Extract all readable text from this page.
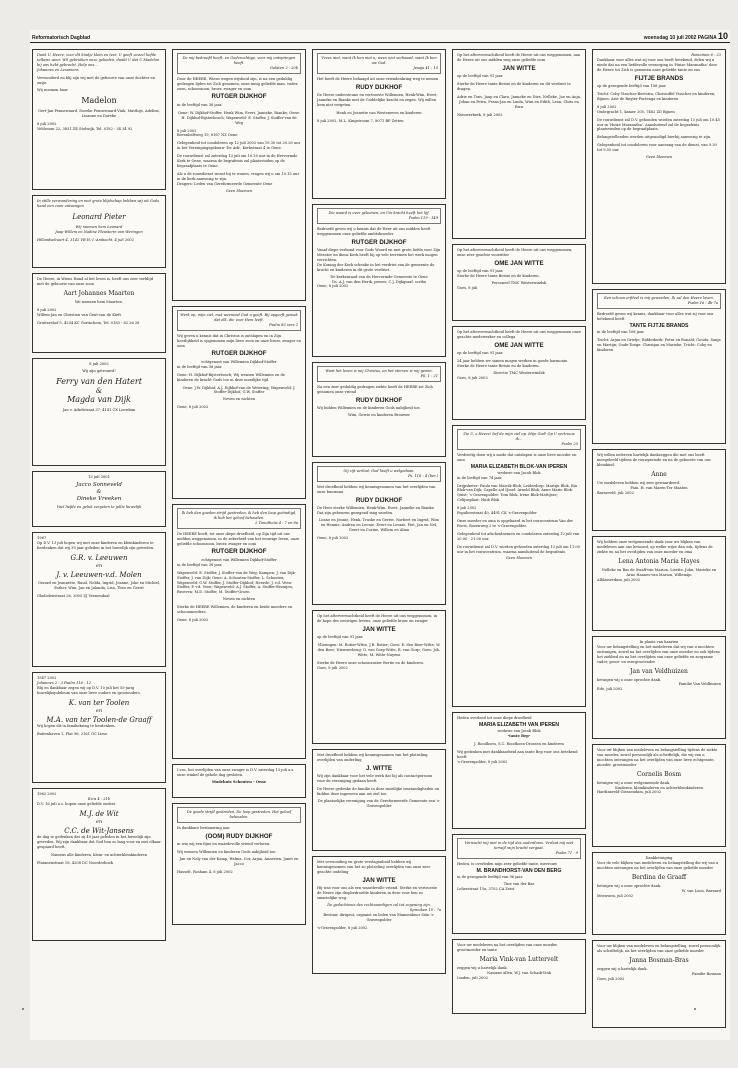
Reformatorisch Dagblad	woensdag 10 juli 2002 PAGINA 10
Dank U, Heere, voor dit kindje klein en teer. U geeft zoveel liefde telkens weer. Wil gebruiken onze gebeden, dankt U dat U Madelon bij ons hebt gebracht. Help ons...
Johannes en Lesamens
Verwonderd en blij zijn wij met de geboorte van onze dochter en zusje.
Wij noemen haar
Madelon
Gert-Jan Pennewaard, Doreke Pennewaard-Vink, Matthijs, Adeline, Lisanne en Doreke
8 juli 2002
Veldzoom 22, 3831 ZE Stolwijk, Tel. 0182 - 34 34 92
In stille verwondering en met grote blijdschap hebben wij uit Gods hand een zoon ontvangen
Leonard Pieter
Wij noemen hem Leonard
Jaap Willem en Nadine Pleasterin van Weringen
Hillandsebuurt 4, 3142 VB H.-I.-Ambacht, 4 juli 2002
De Heere, in Wiens Hand al het leven is, heeft ons zeer verblijd met de geboorte van onze zoon
Aart Johannes Maarten
We noemen hem Maarten.
8 juli 2002
Willem-Jan en Christien van Gent-van de Kieft
Gruttershof 5, 4254 KC Gorinchem, Tel. 0183 - 62 26 28
8 juli 2002
Wij zijn getrouwd!
Ferry van den Hatert
&
Magda van Dijk
Jan v. Arkelstraat 37, 4141 CX Leerdam
13 juli 2001
Jacco Sonneveld
&
Dineke Vreeken
Voel liefde en geluk vergeten te jullie huwelijk
1967
Op D.V. 13 juli hopen wij met onze kinderen en kleinkinderen te herdenken dat wij 35 jaar geleden in het huwelijk zijn getreden.
G.R. v. Leeuwen
en
J. v. Leeuwen-v.d. Molen
Gerard en Jeannette, Ruud, Nelda, Ingrid, Jeanne, Joke en Michiel, Esther, Wim, Jan en Jolanda, Lisa, Theo en Gerrit
Gladiolenstraat 26, 3905 ZJ Veenendaal
1947 2002
Johannes 2 : 3 Psalm 116 : 12
Blij en dankbaar zegen wij op D.V. 10 juli het 55-jarig huwelijksjubileum van onze lieve ouders en grootouders.
K. van ter Toolen
en
M.A. van ter Toolen-de Graaff
Wij hopen dit in familiekring te herdenken.
Buitenhaven 1, Flat 96, 2161 GC Lisse
1962 2002
Ezra 4 : 21b
D.V. 16 juli a.s. hopen onze geliefde ouders
M.J. de Wit
en
C.C. de Wit-Jansens
de dag te gedenken dat zij 40 jaar geleden in het huwelijk zijn getreden. Wij zijn dankbaar dat God hen zo lang voor en met elkaar gespaard heeft.
Namens alle kinderen, klein- en achterkleinkinderen
Platanenstraat 18, 4208 DC Noorderhoek
De mij bedroefd heeft, en Godvruchtige, voor mij ontspringen heeft.
Galaten 2 : 20b
Door de HEERE, Wiens wegen wijsheid zijn, is na een geduldig gedragen lijden tot Zich genomen, onze innig geliefde man, vader, zoon, schoonzoon, broer, zwager en oom
RUTGER DIJKHOF
in de leeftijd van 38 jaar.
Oene: W. Dijkhof-Stoffer, Henk Wim, Evert, Janneke, Rianke; Oene: H. Dijkhof-Bijsterbosch; Wapenveld: E. Stoffer, J. Stoffer-van de Weg
8 juli 2002
Bovenbeltweg 19, 8167 NZ Oene
Gelegenheid tot condoleren op 12 juli 2002 van 19.30 tot 20.30 uur in het Verenigingsgebouw 'De Ark', Kerkstraat 4 te Oene.
De rouwdienst zal zaterdag 13 juli om 10.30 uur in de Hervormde Kerk te Oene, waarna de begrafenis zal plaatsvinden op de begraafplaats te Oene.
Als u de rouwdienst wenst bij te wonen, vragen wij u om 10.15 uur in de kerk aanwezig te zijn.
Dragers: Leden van Gereformeerde Gemeente Oene
Geen bloemen
Werk op, mijn ziel, met weenend God u geeft. Bij opgeeft gemak dat elk, die voor Hem leeft.
Psalm 83 vers 2
Wij geven u kennis dat in Christus is ontslapen en in Zijn heerlijkheid is opgenomen mijn lieve zoon en onze broer, zwager en oom
RUTGER DIJKHOF
echtgenoot van Willemien Dijkhof-Stoffer
in de leeftijd van 38 jaar.
Oene: H. Dijkhof-Bijsterbosch; Wij wensen Willemien en de kinderen de kracht Gods toe in deze moeilijke tijd.
Oene: J.W. Dijkhof, A.J. Dijkhof-van de Wetering; Wapenveld: J. Stoffer-Dijkhof, G.W. Stoffer
Neven en nichten
Oene, 8 juli 2002
Ik heb den goeden strijd gestreden, ik heb den loop geëindigd, ik heb het geloof behouden.
2 Timotheüs 4 : 7 en 8a
De HEERE heeft, tot onze diepe droefheid, op Zijn tijd uit ons midden weggenomen, in de zekerheid van het eeuwige leven, onze geliefde schoonzoon, broer, zwager en oom
RUTGER DIJKHOF
echtgenoot van Willemien Dijkhof-Stoffer
in de leeftijd van 38 jaar.
Wapenveld: E. Stoffer, J. Stoffer-van de Weg; Kampen: J. van Dijk-Stoffer, J. van Dijk; Oene: A. Schouten-Stoffer, L. Schouten; Wapenveld: G.W. Stoffer, J. Stoffer-Dijkhof; Heerde: J. v.d. Veen-Stoffer, P. v.d. Veen; Wapenveld: A.J. Stoffer, A. Stoffer-Bezuijen; Broeven: M.D. Stoffer, M. Stoffer-Groen
Neven en nichten
Sterke de HEERE Willemien, de kinderen en beide moeders en schoonmoeders.
Oene, 8 juli 2002
I.v.m. het overlijden van onze zwager is D.V. zaterdag 13 juli a.s. onze winkel de gehele dag gesloten.
Modehuis Schouten - Oene
De goede strijd gestreden, De loop gestreden, Het geloof behouden.
In dankbare herinnering aan
(OOM) RUDY DIJKHOF
in wie wij een fijne en waardevolle vriend verloren.
Wij wensen Willemien en kinderen Gods nabijheid toe.
Jan en Nely van der Kamp, Helma, Cor, Arjan, Annerien, Janet en Jacco
Hasselt, Rosham 4, 8 juli 2002
Vrees niet, want Ik ben met u; wees niet verbaasd, want Ik ben uw God.
Jesaja 41 : 10
Het heeft de Heere behaagd uit onze vriendenkring weg te nemen
RUDY DIJKHOF
De Heere ondersteune en vertroeste Willemien, Henk-Wim, Evert, Janneke en Rianke met de Goddelijke kracht en zegen. Wij zullen hem niet vergeten.
Henk en Jeanette van Westeneven en kinderen
8 juli 2002, M.L. Kingstroom 7, 8071 BP Zetten
Die waard is over gekomen, en Uw kracht heeft het lijf.
Psalm 119 : 149
Bedroefd geven wij u kennis dat de Heer uit ons midden heeft weggenomen onze geliefde ambtsbroeder
RUTGER DIJKHOF
Vanaf diepe verbond voor Gods Woord en met grote liefde voor Zijn Meester en diens Kerk heeft hij op vele terreinen het werk mogen verrichten.
De Koning der Kerk schenke in het verdriet van de gemeente de kracht en kinderen in dit grote verdriet.
De kerkenraad van de Hervormde Gemeente te Oene
Ds. A.J. van den Herik, preses; C.J. Dijkgraaf, scriba
Oene, 8 juli 2002
Want het leven is mij Christus, en het sterven is mij gewin.
Fil. 1 : 21
Na een zeer geduldig gedragen ziekte heeft de HEERE tot Zich genomen onze vriend
RUDY DIJKHOF
Wij bidden Willemien en de kinderen Gods nabijheid toe.
Wim, Gerrie en kinderen Brouwer
Gij zijt verlost, God heeft u welgedaan.
Ps. 116 : 4 (ber.)
Met droefheid hebben wij kennisgenomen van het overlijden van onze buurman
RUDY DIJKHOF
De Heer sterke Willemien, Henk-Wim, Evert, Janneke en Rianke.
Dat zijn gebeuren gezegend mag worden.
Leane en Jennie, Henk, Truske en Gerrie, Norbert en Ingrid, Wim en Hennie, Andrea en Leonie, Evert en Leonie, Piet, Jan en Nel, Geert en Corine, Willem en Alma
Oene, 8 juli 2002
Op het afterverwachtheid heeft de Heere uit ons weggenomen, in de hope des eeuwigen levens, onze geliefde broer en zwager
JAN WITTE
op de leeftijd van 91 jaar.
Vlissingen: M. Rotier-Witte, J.R. Rotier; Goes: E. den Boer-Witte, W. den Boer; Nieuwerbrug: G. van Gorp-Witte, R. van Gorp; Goes: Joh. Witte, M. Witte-Nuyens
Sterke de Heere onze schoonzuster Bertie en de kinderen.
Goes, 8 juli 2002
Met droefheid hebben wij kennisgenomen van het plotseling overlijden van onderling
J. WITTE
Wij zijn dankbaar voor het vele werk dat hij als contactpersoon voor de vereniging gedaan heeft.
De Heere gedenke de familie in deze moeilijke omstandigheden en bidden deze ingeween aan uw ziel toe.
De plaatselijke vereniging van de Gereformeerde Gemeente van 's-Gravenpolder
Met verwonding en grote verslagenheid hebben wij kennisgenomen van het zo plotseling overlijden van onze zeer geachte oudeling
JAN WITTE
Hij was voor ons als een waardevolle vriend. Sterke en vertroeste de Heere zijn diepbedroefde kinderen in deze voor hen zo smartelijke weg.
De gedachtenis des rechtvaardigen zal tot zegening zijn.
Spreuken 10 : 7a
Bestuur, dirigent, organist en leden van Mannenkoor Sión 's-Gravenpolder
's-Gravenpolder, 8 juli 2002
Op het afterverwachtheid heeft de Heere uit ons weggenomen, aan de Heere uit ons midden weg onze geliefde oom
JAN WITTE
op de leeftijd van 91 jaar.
Sterke de Heere tante Betsie en de kinderen en dit verdriet te dragen.
Adrie en Tons, Jaap en Clara, Janneke en Dies, Nelleke, Joe en Anja, Johan en Petra, Frans-Jan en Linda, Wim en Edith, Leon, Chris en Esra
Nieuwerkerk, 8 juli 2002
Op het afterverwachtheid heeft de Heere uit ons weggenomen, onze zeer geachte voorzitter
OME JAN WITTE
op de leeftijd van 91 jaar.
Sterke de Heere tante Betsie en de kinderen.
Personeel TMC Westerwindsk
Goes, 8 juli
Op het afterverwachtheid heeft de Heere uit ons weggenomen onze geachte medewerker en collega
OME JAN WITTE
op de leeftijd van 91 jaar.
24 jaar hebben we samen mogen werken in goede harmonie.
Sterke de Heere tante Betsie en de kinderen.
Directie TMC Westerwindsk
Goes, 8 juli 2002
Zie U, o Heere! bef de mijn ziel op. Mijn God! Op U vertrouw ik...
Psalm 25
Verdrietig doen wij u mede dat ontslapen is onze lieve moeder en oma
MARIA ELIZABETH BLOK-VAN IPEREN
weduwe van Jacob Blok
in de leeftijd van 74 jaar.
Drijpsketer: Paula van Marcik-Blok; Leiderdorp: Martijn Blok, Ria Blok-van Dijk; Capelle a/d IJssel: Arnold Blok, Anne Marie Blok-Quist; 's-Gravenpolder: Tom Blok, Irene Blok-Mattijsse; Colijnsplaat: Huib Blok
8 juli 2002
Populierstraat 49, 4491 CK 's-Gravenpolder
Onze moeder en oma is opgebaard in het rouwcentrum Van der Poest, Rozenweg 2 te 's-Gravenpolder.
Gelegenheid tot afscheidnemen en condoleren zaterdag 12 juli van 20.00 - 21.00 uur.
De rouwdienst zal D.V. worden gehouden zaterdag 13 juli om 11.00 uur in het rouwcentrum, waarna aansluitend de begrafenis.
Geen bloemen
Heden overleed tot onze diepe droefheid
MARIA ELIZABETH VAN IPEREN
weduwe van Jacob Blok
-tante Bep-
J. Roodhoen, S.C. Roodhoen-Drossen en kinderen
Wij gedenken met dankbaarheid aan tante Bep voor ons betekend heeft.
's-Gravenpolder, 8 juli 2002
Verwacht mij niet in de tijd des ouderdoms. Verlaat mij niet terwijl mijn kracht vergaat.
Psalm 71 : 9
Heden, is overleden mijn zeer geliefde tante, mevrouw
M. BRANDHORST-VAN DEN BERG
in de gezegende leeftijd van 96 jaar.
Tine van der Bar
Lelierstraat 15a, 3702 CA Zeist
Voor uw medeleven na het overlijden van onze moeder, grootmoeder en tante
Maria Vink-van Luttervelt
zeggen wij u hartelijk dank.
Namens allen, W.J. van Schaik-Vink
Linden, juli 2002
Romeinen 6 : 23
Dankbaar voor alles wat zij voor ons heeft betekend, delen wij u mede dat na een liefdevolle verzorging in 'Huize Maranatha' door de Heere tot Zich is genomen onze geliefde tante en zus
FIJTJE BRANDS
op de gezegende leeftijd van 108 jaar.
Tricht: Coby Visscher-Beetstra, Christoffel Visscher en kinderen; Bijnen: Arie de Ruyter-Portenga en kinderen
8 juli 2002
Oudegracht 1, kamer 205, 7482 ZD Bijnen
De rouwdienst zal D.V. gehouden worden zaterdag 13 juli om 10.45 uur in 'Huize Maranatha'. Aansluitend zal de begrafenis plaatsvinden op de begraafplaats.
Belangstellenden worden uitgenodigd hierbij aanwezig te zijn.
Gelegenheid tot condoleren voor aanvang van de dienst, van 9.30 tot 9.55 uur.
Geen bloemen
Een schoon erfdeel is mij geworden, Ik zal den Heere loven.
Psalm 16 : 4b-7a
Bedroefd geven wij kennis, dankbaar voor alles wat zij voor ons betekend heeft
TANTE FIJTJE BRANDS
in de leeftijd van 108 jaar.
Tricht: Arjan en Grietje; Ridderkerk: Petra en Ronald; Gouda: Sanja en Martijn; Oude-Tonge: Christjan en Marieke; Tricht: Coby en kinderen
Wij willen iedereen hartelijk dankzeggen die met ons heeft meegeleefd tijdens de rouwperiode en na de geboorte van ons kleinkind.
Anne
Uw medeleven hebben wij zeer gewaardeerd.
Fam. H. van Maren-Ter Maaten
Barneveld, juli 2002
Wij hebben onze welgemeende dank voor uw blijken van medeleven aan ons betoond, op welke wijze dan ook, tijdens de ziekte en na het overlijden van onze moeder en oma
Lena Antonia Maria Hayes
Nelleke en Bas de Swaff-van Marion, Lisette, John, Marieke en Arno Haanes-van Marion, Willemijn
Alblasserdam, juli 2002
In plaats van kaarten
Voor uw belangstelling en het medeleven dat wij van u mochten ontvangen, zowel na het overlijden van onze moeder en ook tijdens het ziekbed en na het overlijden van onze geliefde en zorgzame vader, groot- en overgrootvader
Jan van Veldhuizen
betuigen wij u onze oprechte dank.
Familie Van Veldhuizen
Ede, juli 2002
Voor uw blijken van medeleven en belangstelling tijdens de ziekte van moeder, zowel persoonlijk als schriftelijk, die wij van u mochten ontvangen na het overlijden van onze lieve echtgenote, moeder, grootmoeder
Cornelis Bosm
betuigen wij u onze welgemeende dank.
Kinderen, kleinkinderen en achterkleinkinderen
Hardinxveld-Giessendam, juli 2002
Dankbetuiging
Voor de vele blijken van medeleven en belangstelling die wij van u mochten ontvangen na het overlijden van onze geliefde moeder
Berdina de Graaff
betuigen wij u onze oprechte dank.
W. van Loon, Barnard
Meeuwen, juli 2002
Voor uw blijken van medeleven en belangstelling, zowel persoonlijk als schriftelijk, na het overlijden van onze geliefde moeder
Janna Bosman-Bras
zeggen wij u hartelijk dank.
Familie Bosman
Goes, juli 2002
